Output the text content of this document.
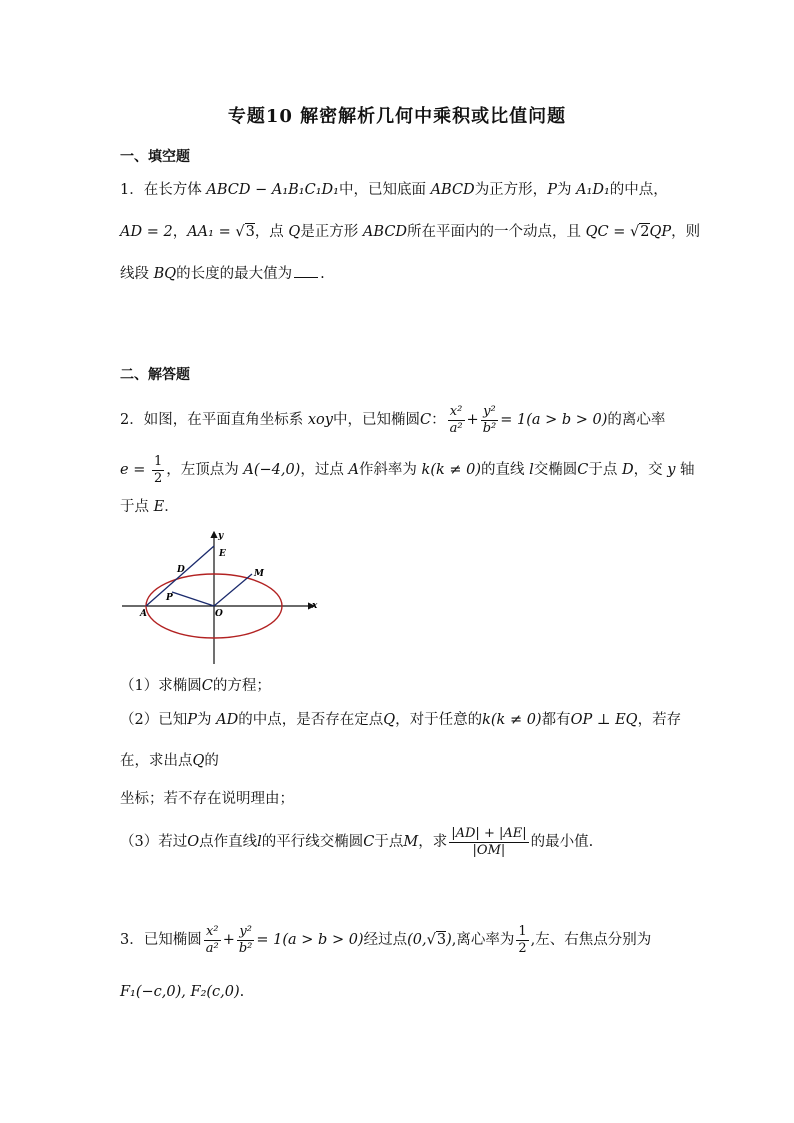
专题10 解密解析几何中乘积或比值问题
一、填空题
1．在长方体 ABCD − A₁B₁C₁D₁中，已知底面 ABCD为正方形，P为 A₁D₁的中点，
AD = 2，AA₁ = √3，点 Q是正方形 ABCD所在平面内的一个动点，且 QC = √2QP，则
线段 BQ的长度的最大值为 .
二、解答题
2．如图，在平面直角坐标系 xoy中，已知椭圆C： $\frac{\text{x²}}{\text{a²}} + \frac{\text{y²}}{\text{b²}} = 1(a > b > 0)$的离心率
$e = \frac{1}{2}$ ，左顶点为 A(−4,0)，过点 A作斜率为 k(k ≠ 0)的直线 l交椭圆C于点 D，交 y 轴
于点 E．
y
x
E
D	M
P
A	O
（1）求椭圆C的方程；
（2）已知P为 AD的中点，是否存在定点Q，对于任意的k(k ≠ 0)都有OP ⊥ EQ，若存
在，求出点Q的
坐标；若不存在说明理由；
（3）若过O点作直线l的平行线交椭圆C于点M，求 $\frac{|AD| + |AE|}{|OM|}$ 的最小值.
3．已知椭圆 $\frac{\text{x²}}{\text{a²}} + \frac{\text{y²}}{\text{b²}} = 1(a > b > 0)$经过点(0,√3),离心率为 $\frac{1}{2}$ ,左、右焦点分别为
F₁(−c,0), F₂(c,0).
